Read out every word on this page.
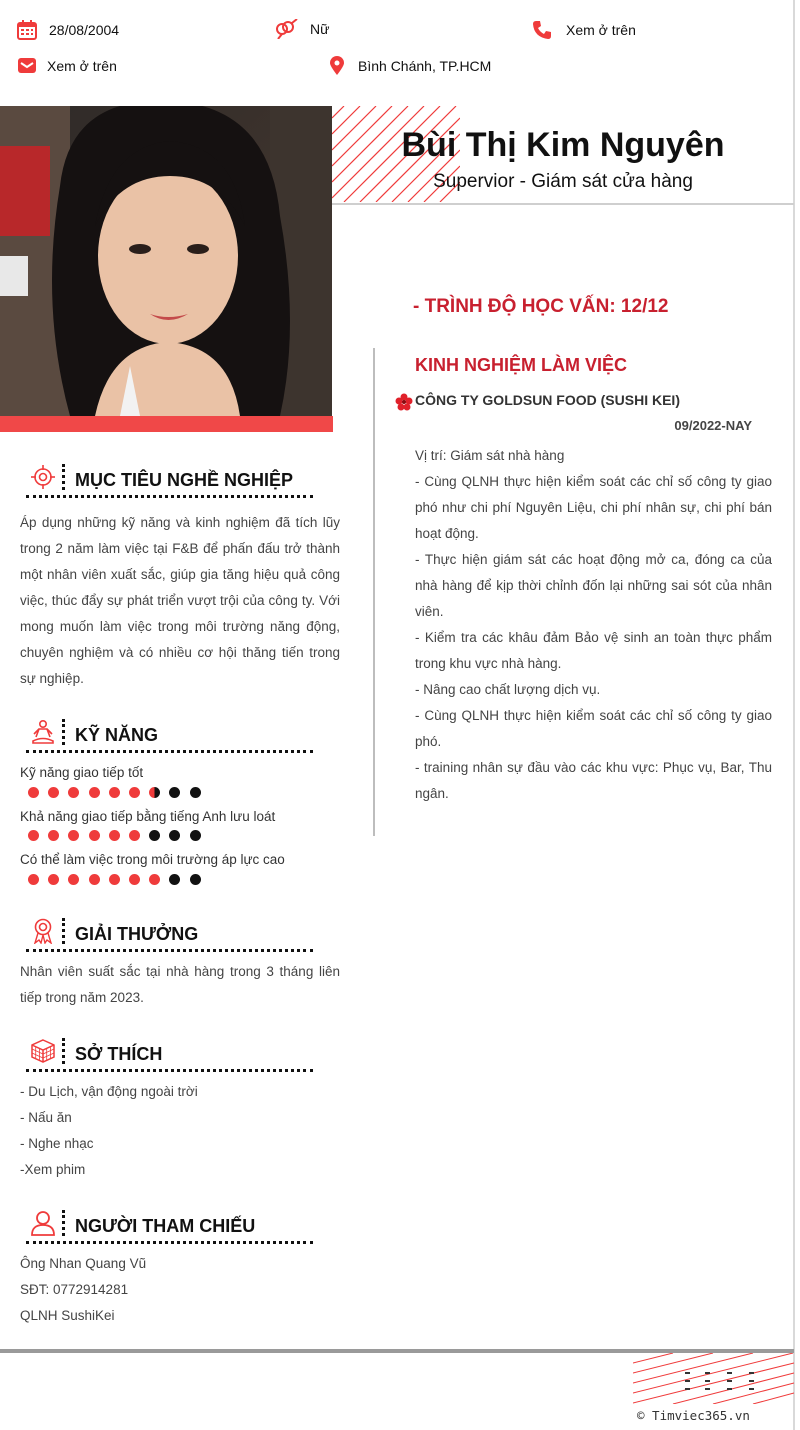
28/08/2004	Nữ	Xem ở trên
Xem ở trên	Bình Chánh, TP.HCM
Bùi Thị Kim Nguyên
Supervior - Giám sát cửa hàng
- TRÌNH ĐỘ HỌC VẤN: 12/12
KINH NGHIỆM LÀM VIỆC
CÔNG TY GOLDSUN FOOD (SUSHI KEI)
09/2022-NAY
Vị trí: Giám sát nhà hàng
- Cùng QLNH thực hiện kiểm soát các chỉ số công ty giao phó như chi phí Nguyên Liệu, chi phí nhân sự, chi phí bán hoạt động.
- Thực hiện giám sát các hoạt động mở ca, đóng ca của nhà hàng để kịp thời chỉnh đốn lại những sai sót của nhân viên.
- Kiểm tra các khâu đảm Bảo vệ sinh an toàn thực phẩm trong khu vực nhà hàng.
- Nâng cao chất lượng dịch vụ.
- Cùng QLNH thực hiện kiểm soát các chỉ số công ty giao phó.
- training nhân sự đầu vào các khu vực: Phục vụ, Bar, Thu ngân.
MỤC TIÊU NGHỀ NGHIỆP
Áp dụng những kỹ năng và kinh nghiệm đã tích lũy trong 2 năm làm việc tại F&B để phấn đấu trở thành một nhân viên xuất sắc, giúp gia tăng hiệu quả công việc, thúc đẩy sự phát triển vượt trội của công ty. Với mong muốn làm việc trong môi trường năng động, chuyên nghiệm và có nhiều cơ hội thăng tiến trong sự nghiệp.
KỸ NĂNG
Kỹ năng giao tiếp tốt
Khả năng giao tiếp bằng tiếng Anh lưu loát
Có thể làm việc trong môi trường áp lực cao
GIẢI THƯỞNG
Nhân viên suất sắc tại nhà hàng trong 3 tháng liên tiếp trong năm 2023.
SỞ THÍCH
- Du Lịch, vận động ngoài trời
- Nấu ăn
- Nghe nhạc
-Xem phim
NGƯỜI THAM CHIẾU
Ông Nhan Quang Vũ
SĐT: 0772914281
QLNH SushiKei
© Timviec365.vn
